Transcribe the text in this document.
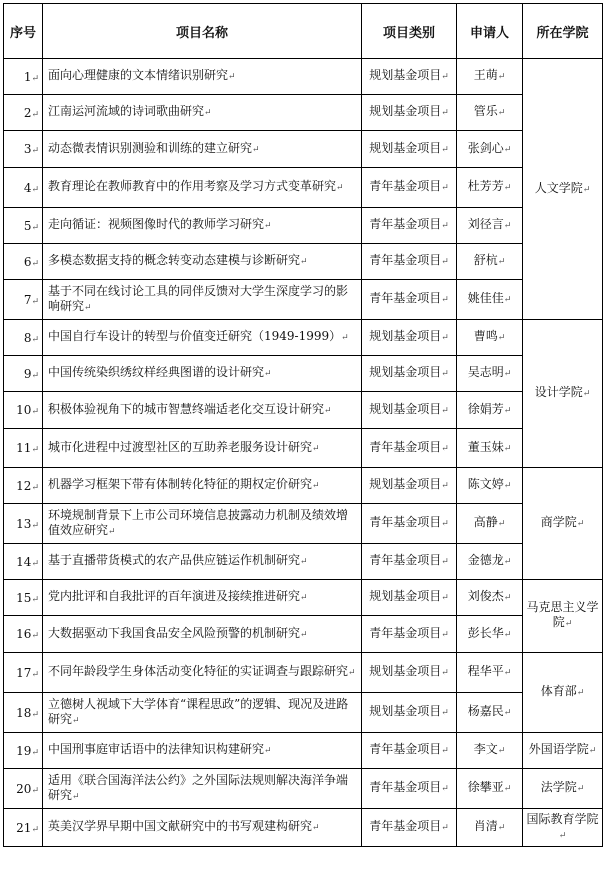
序号	项目名称	项目类别	申请人	所在学院
1↵	面向心理健康的文本情绪识别研究↵	规划基金项目↵	王萌↵	人文学院↵
2↵	江南运河流域的诗词歌曲研究↵	规划基金项目↵	管乐↵	
3↵	动态微表情识别测验和训练的建立研究↵	规划基金项目↵	张剑心↵	
4↵	教育理论在教师教育中的作用考察及学习方式变革研究↵	青年基金项目↵	杜芳芳↵	
5↵	走向循证：视频图像时代的教师学习研究↵	青年基金项目↵	刘径言↵	
6↵	多模态数据支持的概念转变动态建模与诊断研究↵	青年基金项目↵	舒杭↵	
7↵	基于不同在线讨论工具的同伴反馈对大学生深度学习的影响研究↵	青年基金项目↵	姚佳佳↵	
8↵	中国自行车设计的转型与价值变迁研究（1949-1999）↵	规划基金项目↵	曹鸣↵	设计学院↵
9↵	中国传统染织绣纹样经典图谱的设计研究↵	规划基金项目↵	吴志明↵	
10↵	积极体验视角下的城市智慧终端适老化交互设计研究↵	规划基金项目↵	徐娟芳↵	
11↵	城市化进程中过渡型社区的互助养老服务设计研究↵	青年基金项目↵	董玉妹↵	
12↵	机器学习框架下带有体制转化特征的期权定价研究↵	规划基金项目↵	陈文婷↵	商学院↵
13↵	环境规制背景下上市公司环境信息披露动力机制及绩效增值效应研究↵	青年基金项目↵	高静↵	
14↵	基于直播带货模式的农产品供应链运作机制研究↵	青年基金项目↵	金德龙↵	
15↵	党内批评和自我批评的百年演进及接续推进研究↵	规划基金项目↵	刘俊杰↵	马克思主义学院↵
16↵	大数据驱动下我国食品安全风险预警的机制研究↵	青年基金项目↵	彭长华↵	
17↵	不同年龄段学生身体活动变化特征的实证调查与跟踪研究↵	规划基金项目↵	程华平↵	体育部↵
18↵	立德树人视域下大学体育“课程思政”的逻辑、现况及进路研究↵	规划基金项目↵	杨嘉民↵	
19↵	中国刑事庭审话语中的法律知识构建研究↵	青年基金项目↵	李文↵	外国语学院↵
20↵	适用《联合国海洋法公约》之外国际法规则解决海洋争端研究↵	青年基金项目↵	徐攀亚↵	法学院↵
21↵	英美汉学界早期中国文献研究中的书写观建构研究↵	青年基金项目↵	肖清↵	国际教育学院↵
